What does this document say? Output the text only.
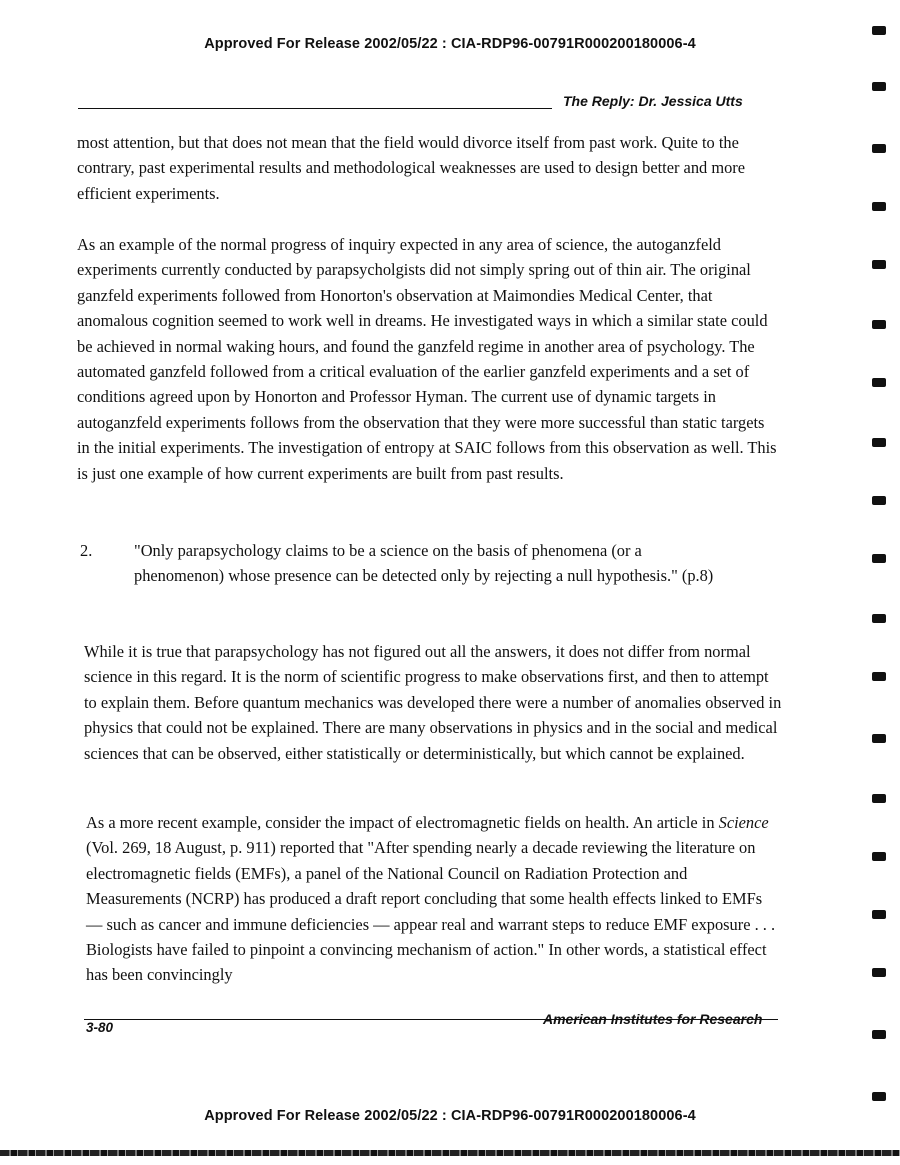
Approved For Release 2002/05/22 : CIA-RDP96-00791R000200180006-4
The Reply: Dr. Jessica Utts

most attention, but that does not mean that the field would divorce itself from past work. Quite to the contrary, past experimental results and methodological weaknesses are used to design better and more efficient experiments.

As an example of the normal progress of inquiry expected in any area of science, the autoganzfeld experiments currently conducted by parapsycholgists did not simply spring out of thin air. The original ganzfeld experiments followed from Honorton's observation at Maimondies Medical Center, that anomalous cognition seemed to work well in dreams. He investigated ways in which a similar state could be achieved in normal waking hours, and found the ganzfeld regime in another area of psychology. The automated ganzfeld followed from a critical evaluation of the earlier ganzfeld experiments and a set of conditions agreed upon by Honorton and Professor Hyman. The current use of dynamic targets in autoganzfeld experiments follows from the observation that they were more successful than static targets in the initial experiments. The investigation of entropy at SAIC follows from this observation as well. This is just one example of how current experiments are built from past results.

2.	"Only parapsychology claims to be a science on the basis of phenomena (or a phenomenon) whose presence can be detected only by rejecting a null hypothesis." (p.8)

While it is true that parapsychology has not figured out all the answers, it does not differ from normal science in this regard. It is the norm of scientific progress to make observations first, and then to attempt to explain them. Before quantum mechanics was developed there were a number of anomalies observed in physics that could not be explained. There are many observations in physics and in the social and medical sciences that can be observed, either statistically or deterministically, but which cannot be explained.

As a more recent example, consider the impact of electromagnetic fields on health. An article in Science (Vol. 269, 18 August, p. 911) reported that "After spending nearly a decade reviewing the literature on electromagnetic fields (EMFs), a panel of the National Council on Radiation Protection and Measurements (NCRP) has produced a draft report concluding that some health effects linked to EMFs — such as cancer and immune deficiencies — appear real and warrant steps to reduce EMF exposure . . . Biologists have failed to pinpoint a convincing mechanism of action." In other words, a statistical effect has been convincingly

3-80
American Institutes for Research
Approved For Release 2002/05/22 : CIA-RDP96-00791R000200180006-4
